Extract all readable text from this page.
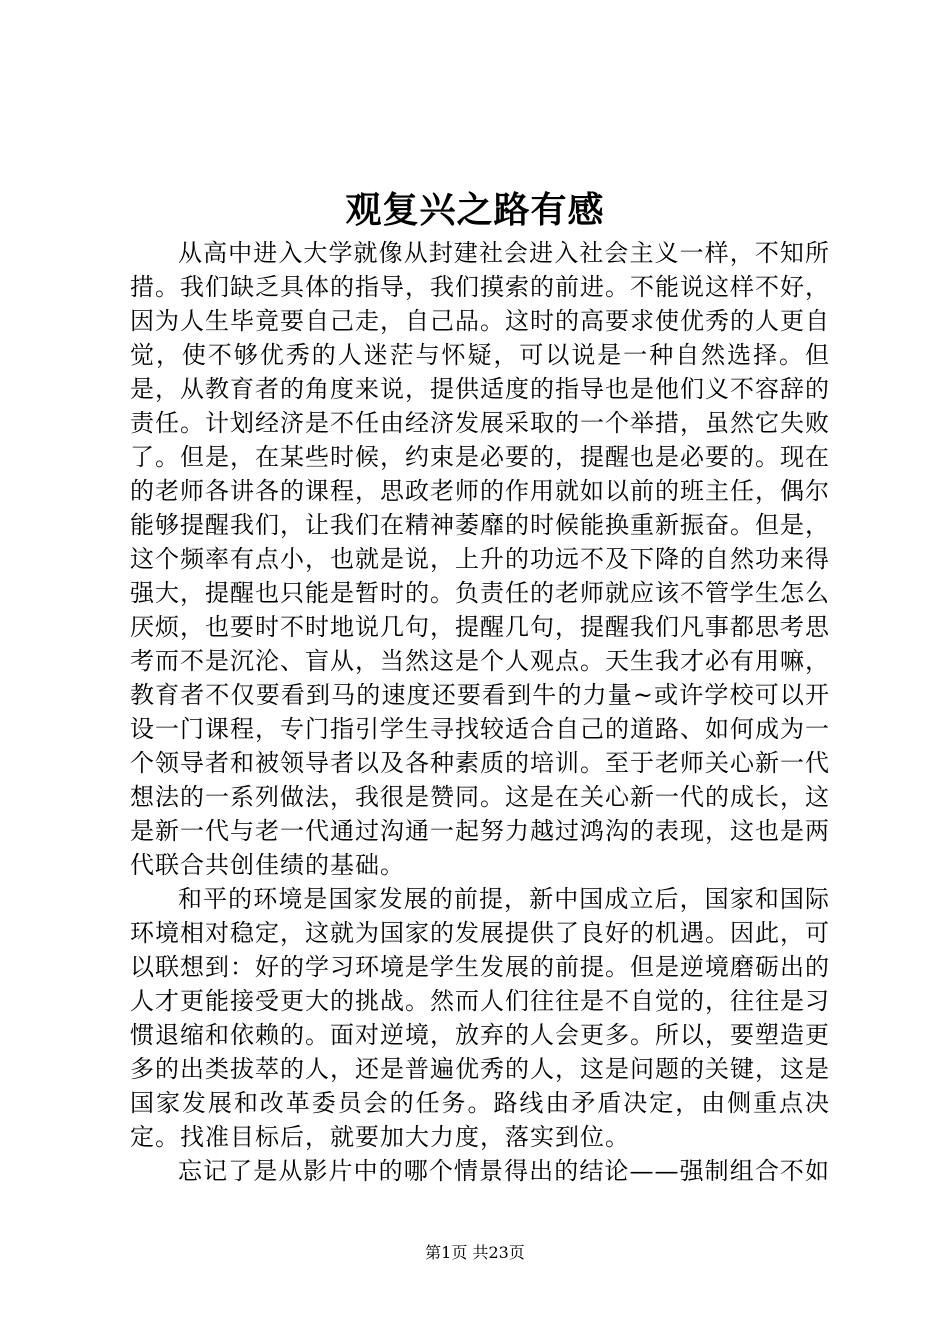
观复兴之路有感

从高中进入大学就像从封建社会进入社会主义一样，不知所措。我们缺乏具体的指导，我们摸索的前进。不能说这样不好，因为人生毕竟要自己走，自己品。这时的高要求使优秀的人更自觉，使不够优秀的人迷茫与怀疑，可以说是一种自然选择。但是，从教育者的角度来说，提供适度的指导也是他们义不容辞的责任。计划经济是不任由经济发展采取的一个举措，虽然它失败了。但是，在某些时候，约束是必要的，提醒也是必要的。现在的老师各讲各的课程，思政老师的作用就如以前的班主任，偶尔能够提醒我们，让我们在精神萎靡的时候能换重新振奋。但是，这个频率有点小，也就是说，上升的功远不及下降的自然功来得强大，提醒也只能是暂时的。负责任的老师就应该不管学生怎么厌烦，也要时不时地说几句，提醒几句，提醒我们凡事都思考思考而不是沉沦、盲从，当然这是个人观点。天生我才必有用嘛，教育者不仅要看到马的速度还要看到牛的力量~或许学校可以开设一门课程，专门指引学生寻找较适合自己的道路、如何成为一个领导者和被领导者以及各种素质的培训。至于老师关心新一代想法的一系列做法，我很是赞同。这是在关心新一代的成长，这是新一代与老一代通过沟通一起努力越过鸿沟的表现，这也是两代联合共创佳绩的基础。

和平的环境是国家发展的前提，新中国成立后，国家和国际环境相对稳定，这就为国家的发展提供了良好的机遇。因此，可以联想到：好的学习环境是学生发展的前提。但是逆境磨砺出的人才更能接受更大的挑战。然而人们往往是不自觉的，往往是习惯退缩和依赖的。面对逆境，放弃的人会更多。所以，要塑造更多的出类拔萃的人，还是普遍优秀的人，这是问题的关键，这是国家发展和改革委员会的任务。路线由矛盾决定，由侧重点决定。找准目标后，就要加大力度，落实到位。

忘记了是从影片中的哪个情景得出的结论——强制组合不如

第1页 共23页
